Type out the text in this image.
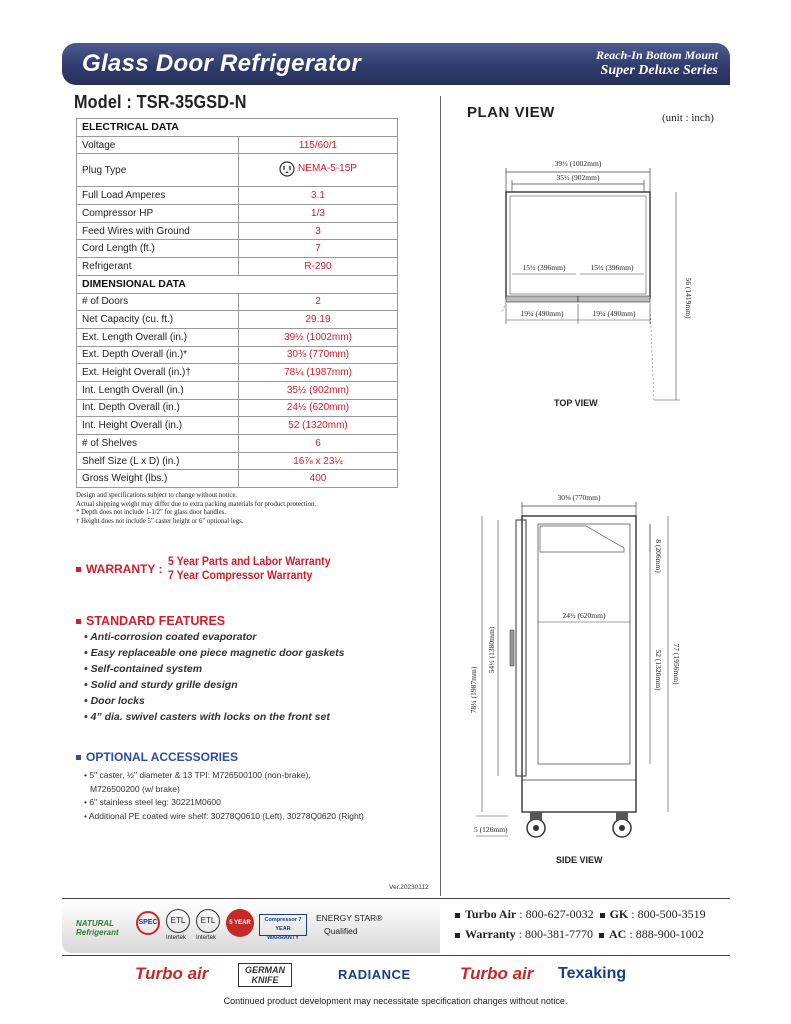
Glass Door Refrigerator	Reach-In Bottom Mount
Super Deluxe Series
Model : TSR-35GSD-N
ELECTRICAL DATA	
Voltage	115/60/1
Plug Type	NEMA-5-15P

Full Load Amperes	3.1
Compressor HP	1/3
Feed Wires with Ground	3
Cord Length (ft.)	7
Refrigerant	R-290
DIMENSIONAL DATA	
# of Doors	2
Net Capacity (cu. ft.)	29.19
Ext. Length Overall (in.)	39½ (1002mm)
Ext. Depth Overall (in.)*	30⅜ (770mm)
Ext. Height Overall (in.)†	78¼ (1987mm)
Int. Length Overall (in.)	35½ (902mm)
Int. Depth Overall (in.)	24½ (620mm)
Int. Height Overall (in.)	52 (1320mm)
# of Shelves	6
Shelf Size (L x D) (in.)	16⅞ x 23¼
Gross Weight (lbs.)	400
Design and specifications subject to change without notice.
Actual shipping weight may differ due to extra packing materials for product protection.
* Depth does not include 1-1/2" for glass door handles.
† Height does not include 5" caster height or 6" optional legs.
WARRANTY :
5 Year Parts and Labor Warranty
7 Year Compressor Warranty
STANDARD FEATURES
• Anti-corrosion coated evaporator
• Easy replaceable one piece magnetic door gaskets
• Self-contained system
• Solid and sturdy grille design
• Door locks
• 4” dia. swivel casters with locks on the front set
OPTIONAL ACCESSORIES
• 5" caster, ½" diameter & 13 TPI: M726500100 (non-brake),
M726500200 (w/ brake)
• 6" stainless steel leg: 30221M0600
• Additional PE coated wire shelf: 30278Q0610 (Left), 30278Q0620 (Right)
Ver.20230112
PLAN VIEW	(unit : inch)
39½ (1002mm)
35½ (902mm)
15½ (396mm)	15½ (396mm)
19¼ (490mm)	19¼ (490mm)	56 (1419mm)
TOP VIEW
30⅜ (770mm)
8 (206mm)
24½ (620mm)
52 (1320mm) 77 (1956mm)
78¼ (1987mm)
54½ (1380mm)
5 (126mm)
SIDE VIEW
NATURAL Refrigerant
SPEC	ETL
Intertek
ETL
Intertek
5 YEAR	Compressor 7 YEAR WARRANTY
ENERGY STAR®
Qualified
Turbo Air : 800-627-0032 GK : 800-500-3519
Warranty : 800-381-7770 AC : 888-900-1002
Turbo air	GERMAN KNIFE	RADIANCE	Turbo air Texaking
Continued product development may necessitate specification changes without notice.
